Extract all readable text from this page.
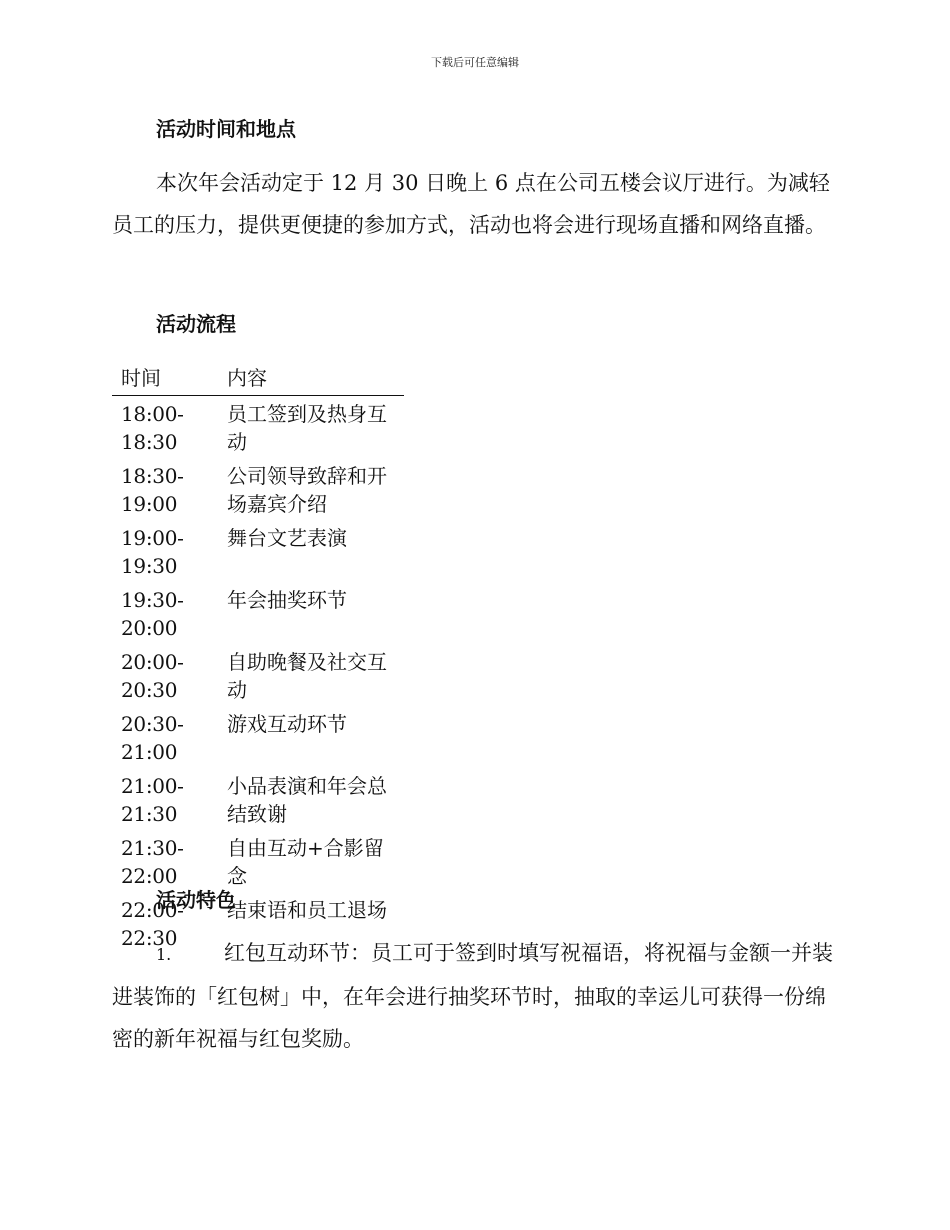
下载后可任意编辑
活动时间和地点
本次年会活动定于 12 月 30 日晚上 6 点在公司五楼会议厅进行。为减轻员工的压力，提供更便捷的参加方式，活动也将会进行现场直播和网络直播。
活动流程
时间	内容
18:00-18:30
员工签到及热身互动
18:30-19:00
公司领导致辞和开场嘉宾介绍
19:00-19:30
舞台文艺表演
19:30-20:00
年会抽奖环节
20:00-20:30
自助晚餐及社交互动
20:30-21:00
游戏互动环节
21:00-21:30
小品表演和年会总结致谢
21:30-22:00
自由互动+合影留念
22:00-22:30
结束语和员工退场
活动特色
1.	红包互动环节：员工可于签到时填写祝福语，将祝福与金额一并装进装饰的「红包树」中，在年会进行抽奖环节时，抽取的幸运儿可获得一份绵密的新年祝福与红包奖励。
